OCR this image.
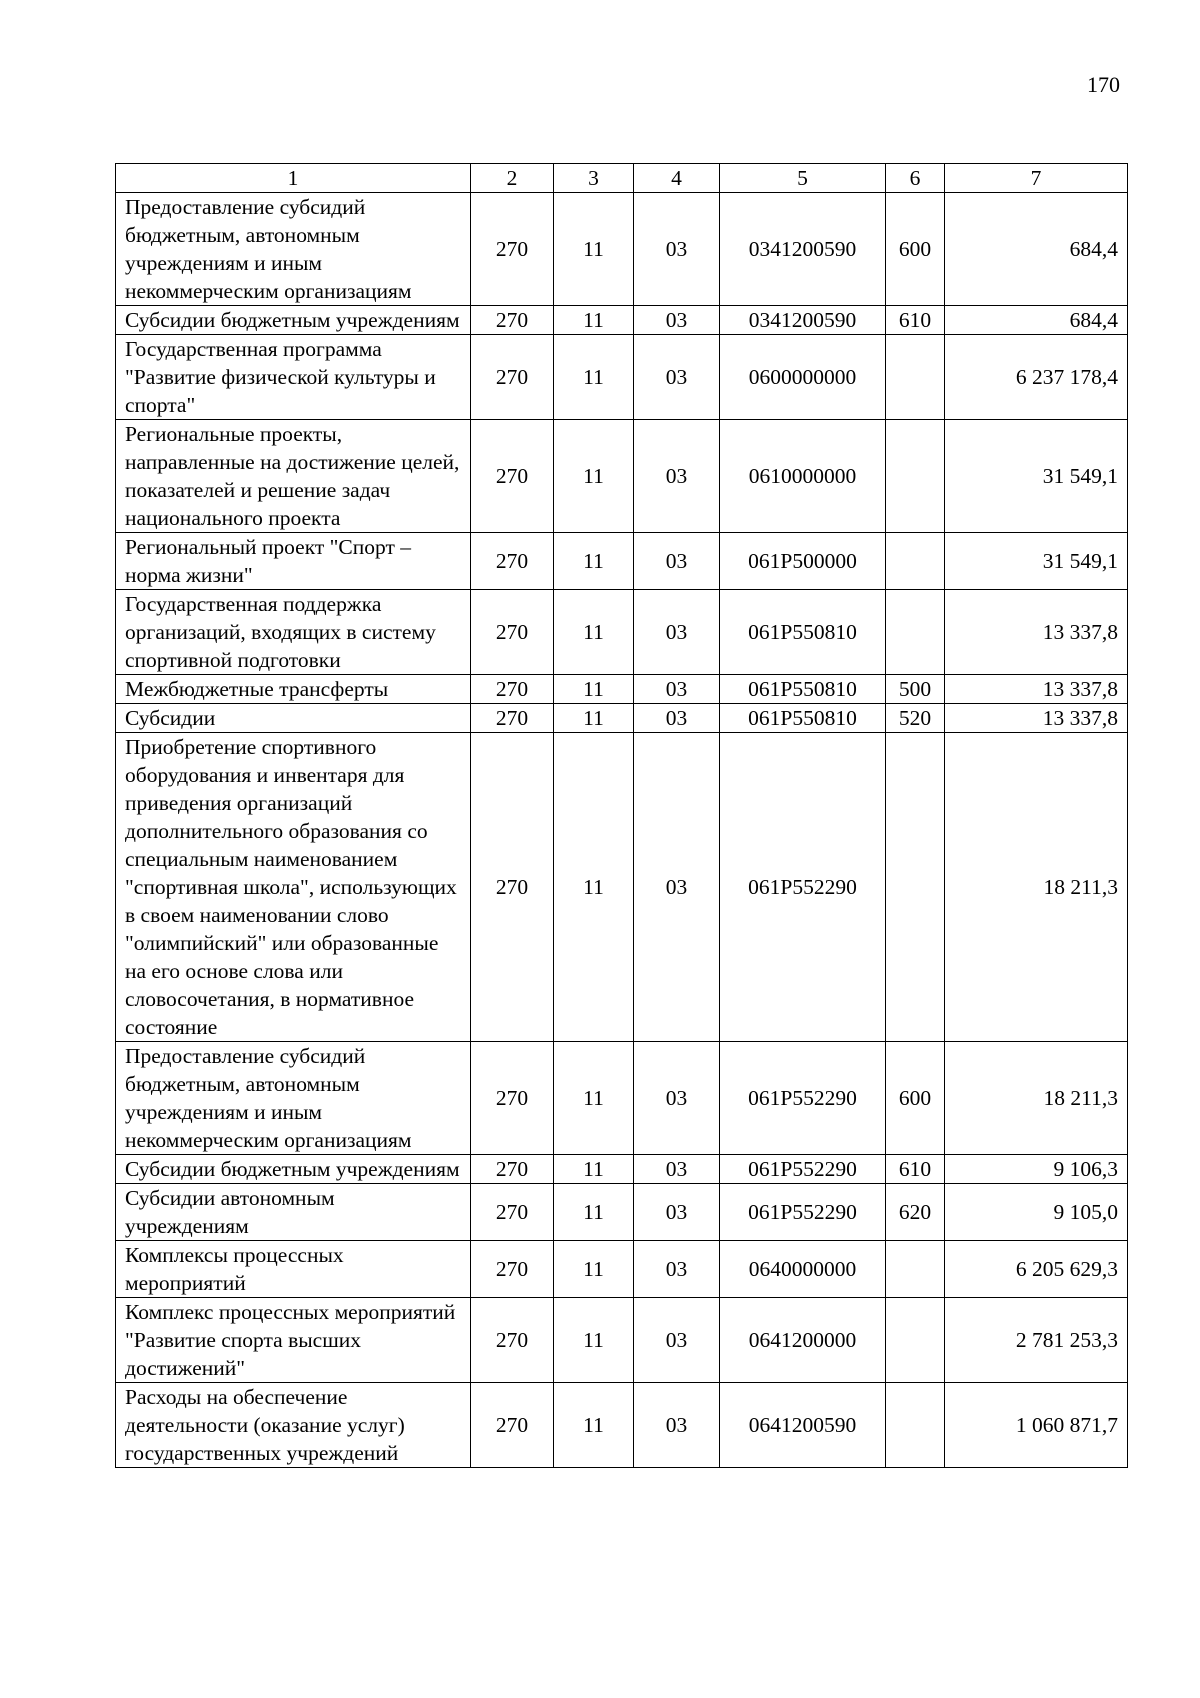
170
1	2	3	4	5	6	7
Предоставление субсидий бюджетным, автономным учреждениям и иным некоммерческим организациям	270	11	03	0341200590	600	684,4
Субсидии бюджетным учреждениям	270	11	03	0341200590	610	684,4
Государственная программа "Развитие физической культуры и спорта"	270	11	03	0600000000		6 237 178,4
Региональные проекты, направленные на достижение целей, показателей и решение задач национального проекта	270	11	03	0610000000		31 549,1
Региональный проект "Спорт – норма жизни"	270	11	03	061Р500000		31 549,1
Государственная поддержка организаций, входящих в систему спортивной подготовки	270	11	03	061Р550810		13 337,8
Межбюджетные трансферты	270	11	03	061Р550810	500	13 337,8
Субсидии	270	11	03	061Р550810	520	13 337,8
Приобретение спортивного оборудования и инвентаря для приведения организаций дополнительного образования со специальным наименованием "спортивная школа", использующих в своем наименовании слово "олимпийский" или образованные на его основе слова или словосочетания, в нормативное состояние	270	11	03	061Р552290		18 211,3
Предоставление субсидий бюджетным, автономным учреждениям и иным некоммерческим организациям	270	11	03	061Р552290	600	18 211,3
Субсидии бюджетным учреждениям	270	11	03	061Р552290	610	9 106,3
Субсидии автономным учреждениям	270	11	03	061Р552290	620	9 105,0
Комплексы процессных мероприятий	270	11	03	0640000000		6 205 629,3
Комплекс процессных мероприятий "Развитие спорта высших достижений"	270	11	03	0641200000		2 781 253,3
Расходы на обеспечение деятельности (оказание услуг) государственных учреждений	270	11	03	0641200590		1 060 871,7
